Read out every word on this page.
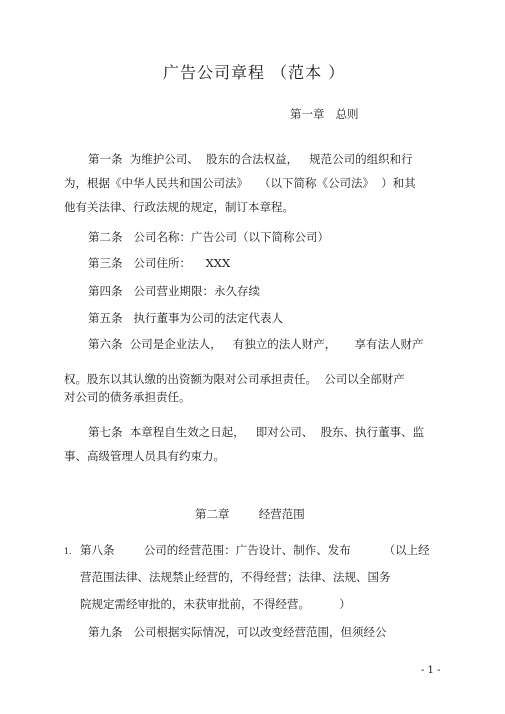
广告公司章程 （范本 ）
第一章   总则
第一条  为维护公司、  股东的合法权益，   规范公司的组织和行
为，根据《中华人民共和国公司法》   （以下简称《公司法》  ）和其
他有关法律、行政法规的规定，制订本章程。
第二条   公司名称：广告公司（以下简称公司）
第三条   公司住所：    XXX
第四条   公司营业期限：永久存续
第五条   执行董事为公司的法定代表人
第六条  公司是企业法人，   有独立的法人财产，     享有法人财产
权。股东以其认缴的出资额为限对公司承担责任。  公司以全部财产
对公司的债务承担责任。
第七条  本章程自生效之日起，   即对公司、  股东、执行董事、监
事、高级管理人员具有约束力。
第二章        经营范围
1. 第八条        公司的经营范围：广告设计、制作、发布         （以上经
营范围法律、法规禁止经营的，不得经营；法律、法规、国务
院规定需经审批的，未获审批前，不得经营。        ）
第九条   公司根据实际情况，可以改变经营范围，但须经公
- 1 -
